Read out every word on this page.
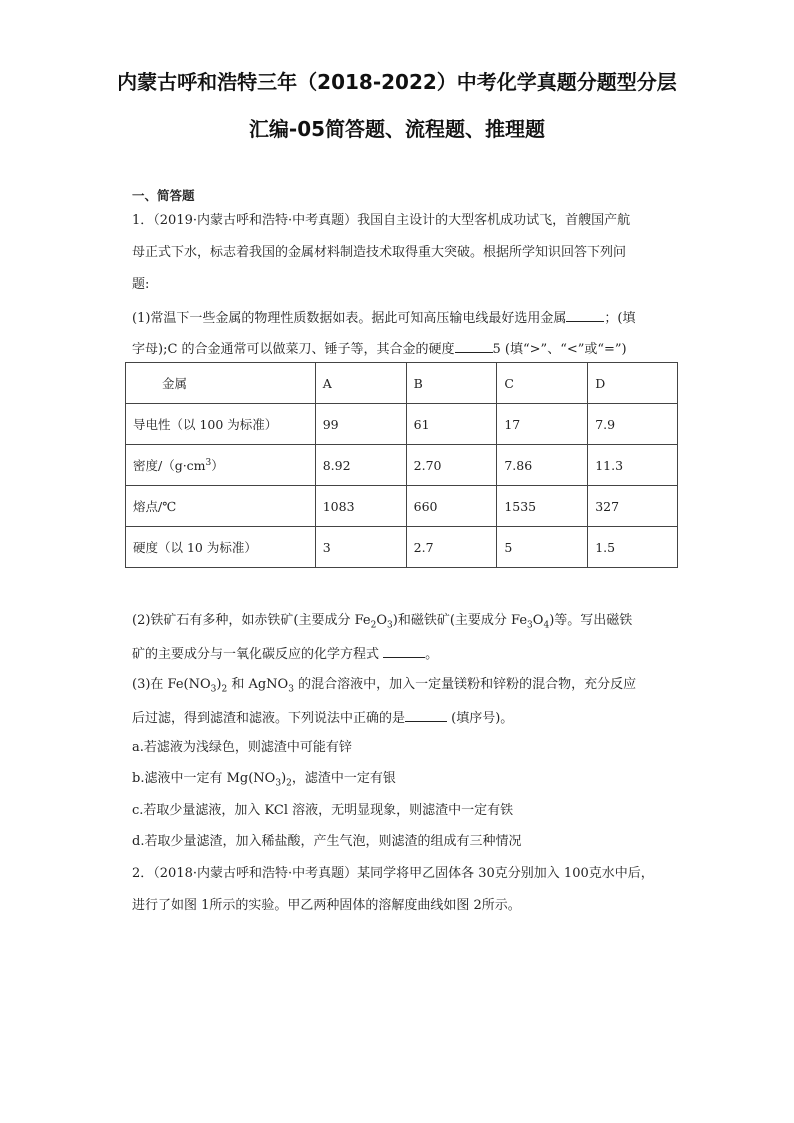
内蒙古呼和浩特三年（2018-2022）中考化学真题分题型分层
汇编-05简答题、流程题、推理题
一、简答题
1．（2019·内蒙古呼和浩特·中考真题）我国自主设计的大型客机成功试飞，首艘国产航
母正式下水，标志着我国的金属材料制造技术取得重大突破。根据所学知识回答下列问
题:
(1)常温下一些金属的物理性质数据如表。据此可知高压输电线最好选用金属	；(填
字母);C 的合金通常可以做菜刀、锤子等，其合金的硬度	5 (填“>”、“<”或“=”)
金属	A	B	C	D
导电性（以 100 为标准）	99	61	17	7.9
密度$/(g\cdot cm^3)$	8.92	2.70	7.86	11.3
熔点/℃	1083	660	1535	327
硬度（以 10 为标准）	3	2.7	5	1.5
(2)铁矿石有多种，如赤铁矿(主要成分 $Fe_2O_3$)和磁铁矿(主要成分 $Fe_3O_4$)等。写出磁铁
矿的主要成分与一氧化碳反应的化学方程式	。
(3)在 $Fe(NO_3)_2$ 和 AgNO$_3$ 的混合溶液中，加入一定量镁粉和锌粉的混合物，充分反应
后过滤，得到滤渣和滤液。下列说法中正确的是	(填序号)。
a.若滤液为浅绿色，则滤渣中可能有锌
b.滤液中一定有 $Mg(NO_3)_2$，滤渣中一定有银
c.若取少量滤液，加入 KCl 溶液，无明显现象，则滤渣中一定有铁
d.若取少量滤渣，加入稀盐酸，产生气泡，则滤渣的组成有三种情况
2．（2018·内蒙古呼和浩特·中考真题）某同学将甲乙固体各 30克分别加入 100克水中后，
进行了如图 1所示的实验。甲乙两种固体的溶解度曲线如图 2所示。
